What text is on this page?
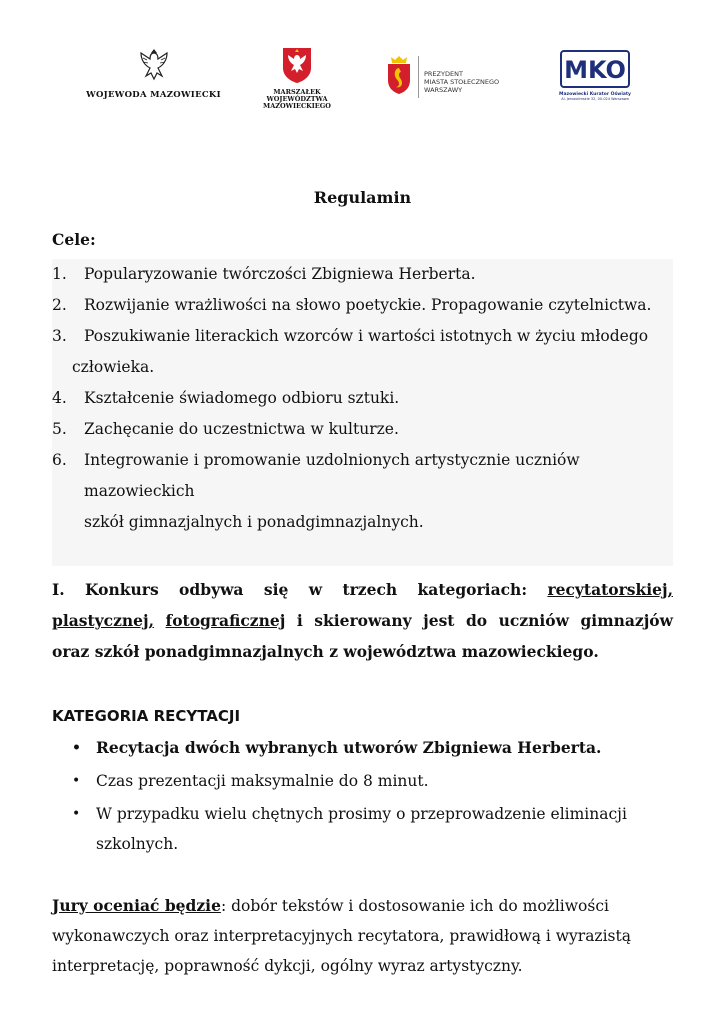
WOJEWODA MAZOWIECKI	MARSZAŁEK
WOJEWÓDZTWA MAZOWIECKIEGO
PREZYDENT
MIASTA STOŁECZNEGO WARSZAWY
MKO
Mazowiecki Kurator Oświaty
Al. Jerozolimskie 32, 00-024 Warszawa
Regulamin
Cele:
1.	Popularyzowanie twórczości Zbigniewa Herberta.
2.	Rozwijanie wrażliwości na słowo poetyckie. Propagowanie czytelnictwa.
3.	Poszukiwanie literackich wzorców i wartości istotnych w życiu młodego
człowieka.
4.	Kształcenie świadomego odbioru sztuki.
5.	Zachęcanie do uczestnictwa w kulturze.
6.	Integrowanie i promowanie uzdolnionych artystycznie uczniów mazowieckich
szkół gimnazjalnych i ponadgimnazjalnych.
I. Konkurs odbywa się w trzech kategoriach: recytatorskiej, plastycznej, fotograficznej i skierowany jest do uczniów gimnazjów oraz szkół ponadgimnazjalnych z województwa mazowieckiego.
KATEGORIA RECYTACJI
• Recytacja dwóch wybranych utworów Zbigniewa Herberta.
• Czas prezentacji maksymalnie do 8 minut.
• W przypadku wielu chętnych prosimy o przeprowadzenie eliminacji szkolnych.
Jury oceniać będzie: dobór tekstów i dostosowanie ich do możliwości wykonawczych oraz interpretacyjnych recytatora, prawidłową i wyrazistą interpretację, poprawność dykcji, ogólny wyraz artystyczny.
